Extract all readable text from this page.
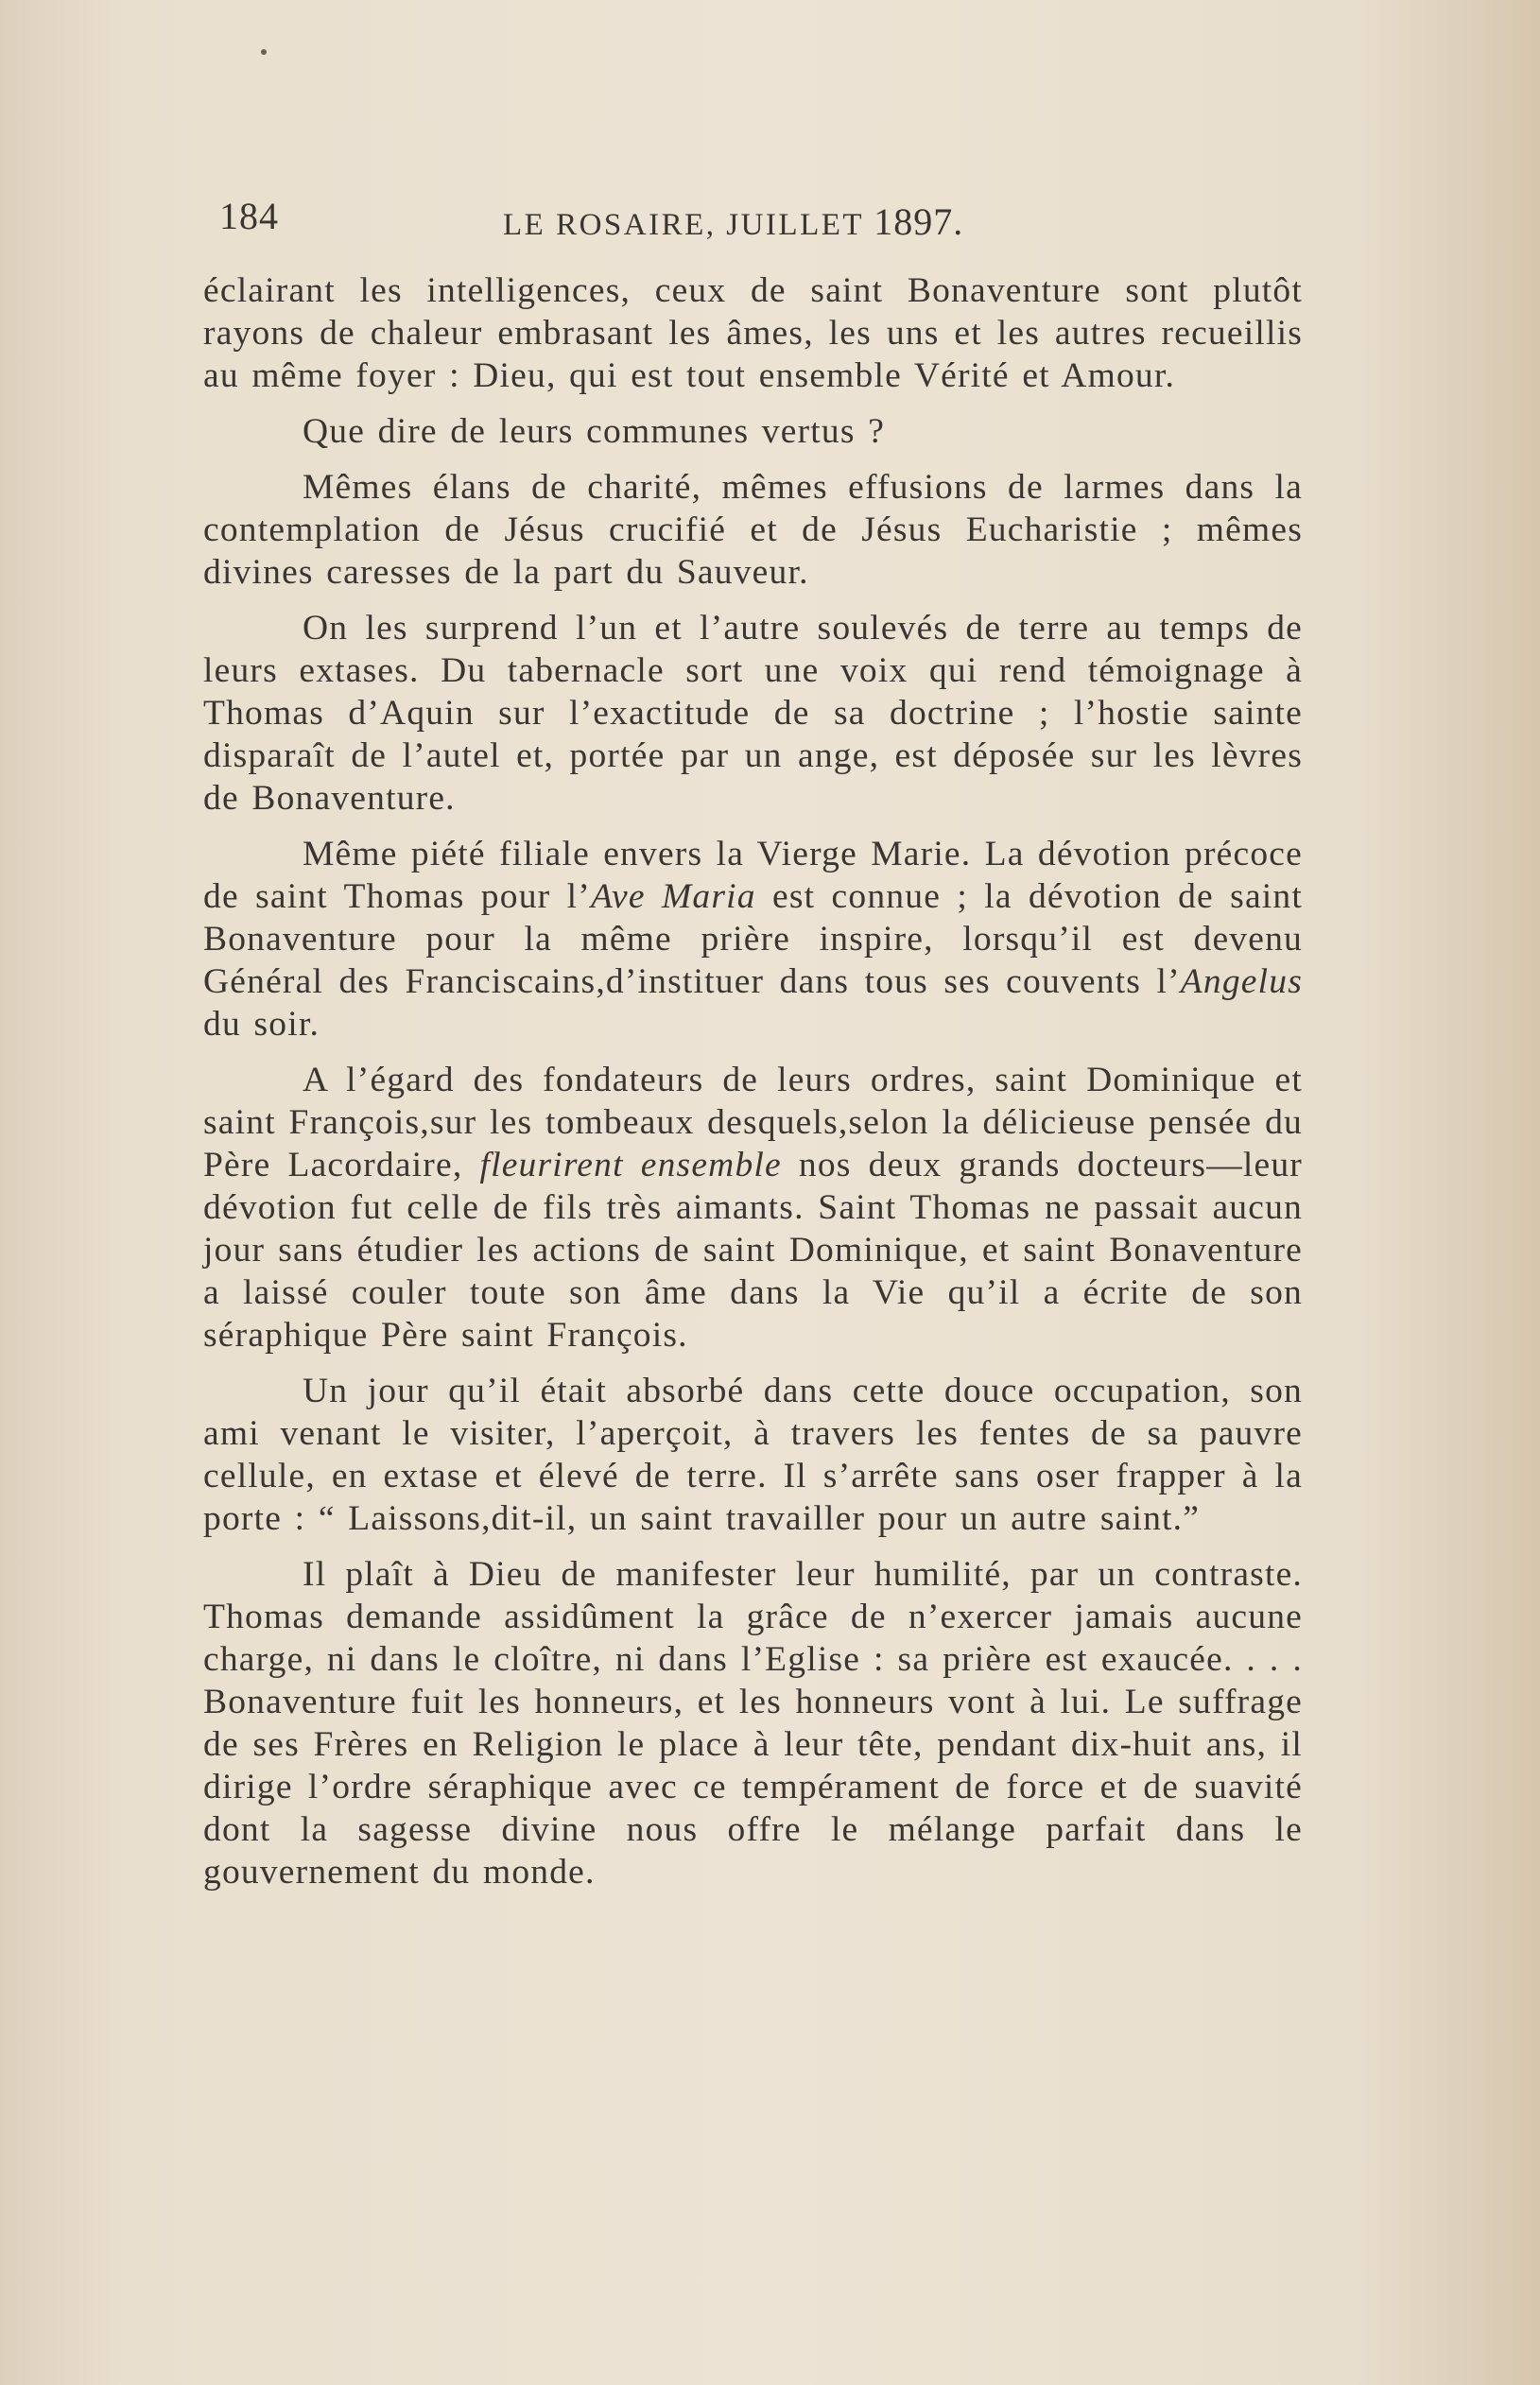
184	LE ROSAIRE, JUILLET 1897.

éclairant les intelligences, ceux de saint Bonaventure sont plutôt rayons de chaleur embrasant les âmes, les uns et les autres recueillis au même foyer : Dieu, qui est tout ensemble Vérité et Amour.

Que dire de leurs communes vertus ?

Mêmes élans de charité, mêmes effusions de larmes dans la contemplation de Jésus crucifié et de Jésus Eucharistie ; mêmes divines caresses de la part du Sauveur.

On les surprend l’un et l’autre soulevés de terre au temps de leurs extases. Du tabernacle sort une voix qui rend témoignage à Thomas d’Aquin sur l’exactitude de sa doctrine ; l’hostie sainte disparaît de l’autel et, portée par un ange, est déposée sur les lèvres de Bonaventure.

Même piété filiale envers la Vierge Marie. La dévotion précoce de saint Thomas pour l’Ave Maria est connue ; la dévotion de saint Bonaventure pour la même prière inspire, lorsqu’il est devenu Général des Franciscains,d’instituer dans tous ses couvents l’Angelus du soir.

A l’égard des fondateurs de leurs ordres, saint Dominique et saint François,sur les tombeaux desquels,selon la délicieuse pensée du Père Lacordaire, fleurirent ensemble nos deux grands docteurs—leur dévotion fut celle de fils très aimants. Saint Thomas ne passait aucun jour sans étudier les actions de saint Dominique, et saint Bonaventure a laissé couler toute son âme dans la Vie qu’il a écrite de son séraphique Père saint François.

Un jour qu’il était absorbé dans cette douce occupation, son ami venant le visiter, l’aperçoit, à travers les fentes de sa pauvre cellule, en extase et élevé de terre. Il s’arrête sans oser frapper à la porte : “ Laissons,dit-il, un saint travailler pour un autre saint.”

Il plaît à Dieu de manifester leur humilité, par un contraste. Thomas demande assidûment la grâce de n’exercer jamais aucune charge, ni dans le cloître, ni dans l’Eglise : sa prière est exaucée. . . . Bonaventure fuit les honneurs, et les honneurs vont à lui. Le suffrage de ses Frères en Religion le place à leur tête, pendant dix-huit ans, il dirige l’ordre séraphique avec ce tempérament de force et de suavité dont la sagesse divine nous offre le mélange parfait dans le gouvernement du monde.
